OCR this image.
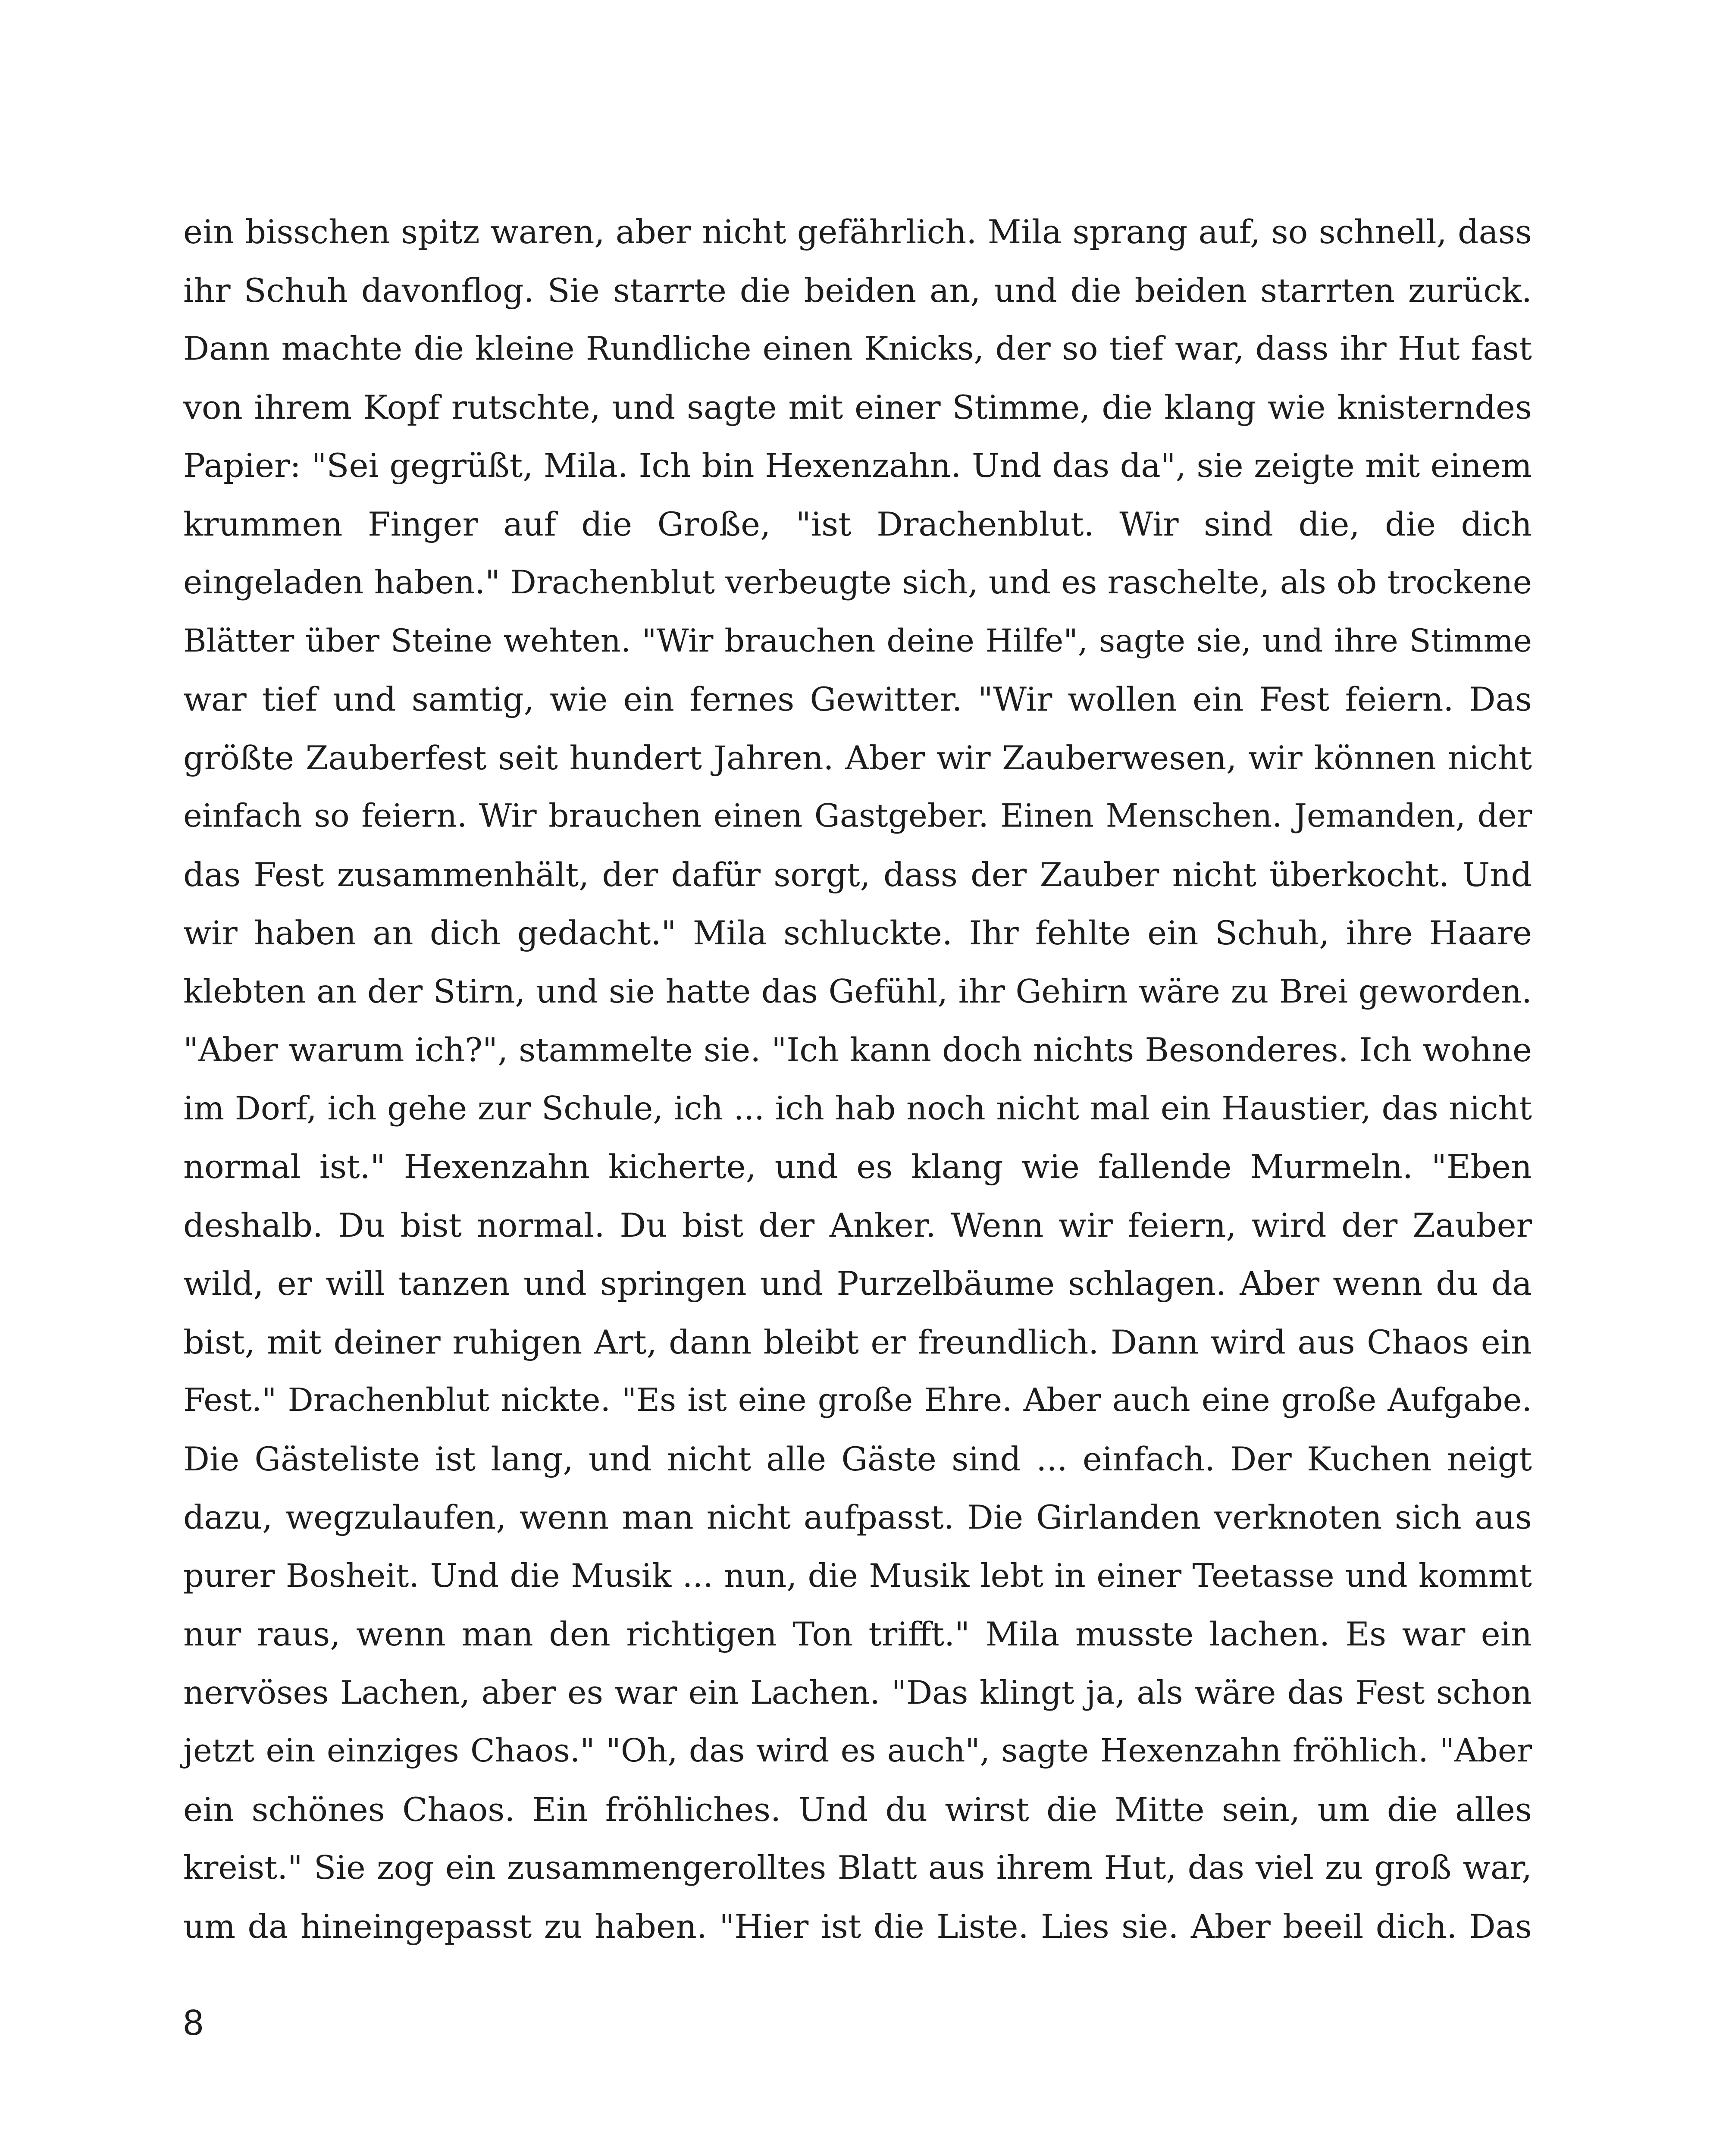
ein bisschen spitz waren, aber nicht gefährlich. Mila sprang auf, so schnell, dass
ihr Schuh davonflog. Sie starrte die beiden an, und die beiden starrten zurück.
Dann machte die kleine Rundliche einen Knicks, der so tief war, dass ihr Hut fast
von ihrem Kopf rutschte, und sagte mit einer Stimme, die klang wie knisterndes
Papier: "Sei gegrüßt, Mila. Ich bin Hexenzahn. Und das da", sie zeigte mit einem
krummen Finger auf die Große, "ist Drachenblut. Wir sind die, die dich
eingeladen haben." Drachenblut verbeugte sich, und es raschelte, als ob trockene
Blätter über Steine wehten. "Wir brauchen deine Hilfe", sagte sie, und ihre Stimme
war tief und samtig, wie ein fernes Gewitter. "Wir wollen ein Fest feiern. Das
größte Zauberfest seit hundert Jahren. Aber wir Zauberwesen, wir können nicht
einfach so feiern. Wir brauchen einen Gastgeber. Einen Menschen. Jemanden, der
das Fest zusammenhält, der dafür sorgt, dass der Zauber nicht überkocht. Und
wir haben an dich gedacht." Mila schluckte. Ihr fehlte ein Schuh, ihre Haare
klebten an der Stirn, und sie hatte das Gefühl, ihr Gehirn wäre zu Brei geworden.
"Aber warum ich?", stammelte sie. "Ich kann doch nichts Besonderes. Ich wohne
im Dorf, ich gehe zur Schule, ich ... ich hab noch nicht mal ein Haustier, das nicht
normal ist." Hexenzahn kicherte, und es klang wie fallende Murmeln. "Eben
deshalb. Du bist normal. Du bist der Anker. Wenn wir feiern, wird der Zauber
wild, er will tanzen und springen und Purzelbäume schlagen. Aber wenn du da
bist, mit deiner ruhigen Art, dann bleibt er freundlich. Dann wird aus Chaos ein
Fest." Drachenblut nickte. "Es ist eine große Ehre. Aber auch eine große Aufgabe.
Die Gästeliste ist lang, und nicht alle Gäste sind ... einfach. Der Kuchen neigt
dazu, wegzulaufen, wenn man nicht aufpasst. Die Girlanden verknoten sich aus
purer Bosheit. Und die Musik ... nun, die Musik lebt in einer Teetasse und kommt
nur raus, wenn man den richtigen Ton trifft." Mila musste lachen. Es war ein
nervöses Lachen, aber es war ein Lachen. "Das klingt ja, als wäre das Fest schon
jetzt ein einziges Chaos." "Oh, das wird es auch", sagte Hexenzahn fröhlich. "Aber
ein schönes Chaos. Ein fröhliches. Und du wirst die Mitte sein, um die alles
kreist." Sie zog ein zusammengerolltes Blatt aus ihrem Hut, das viel zu groß war,
um da hineingepasst zu haben. "Hier ist die Liste. Lies sie. Aber beeil dich. Das
8
